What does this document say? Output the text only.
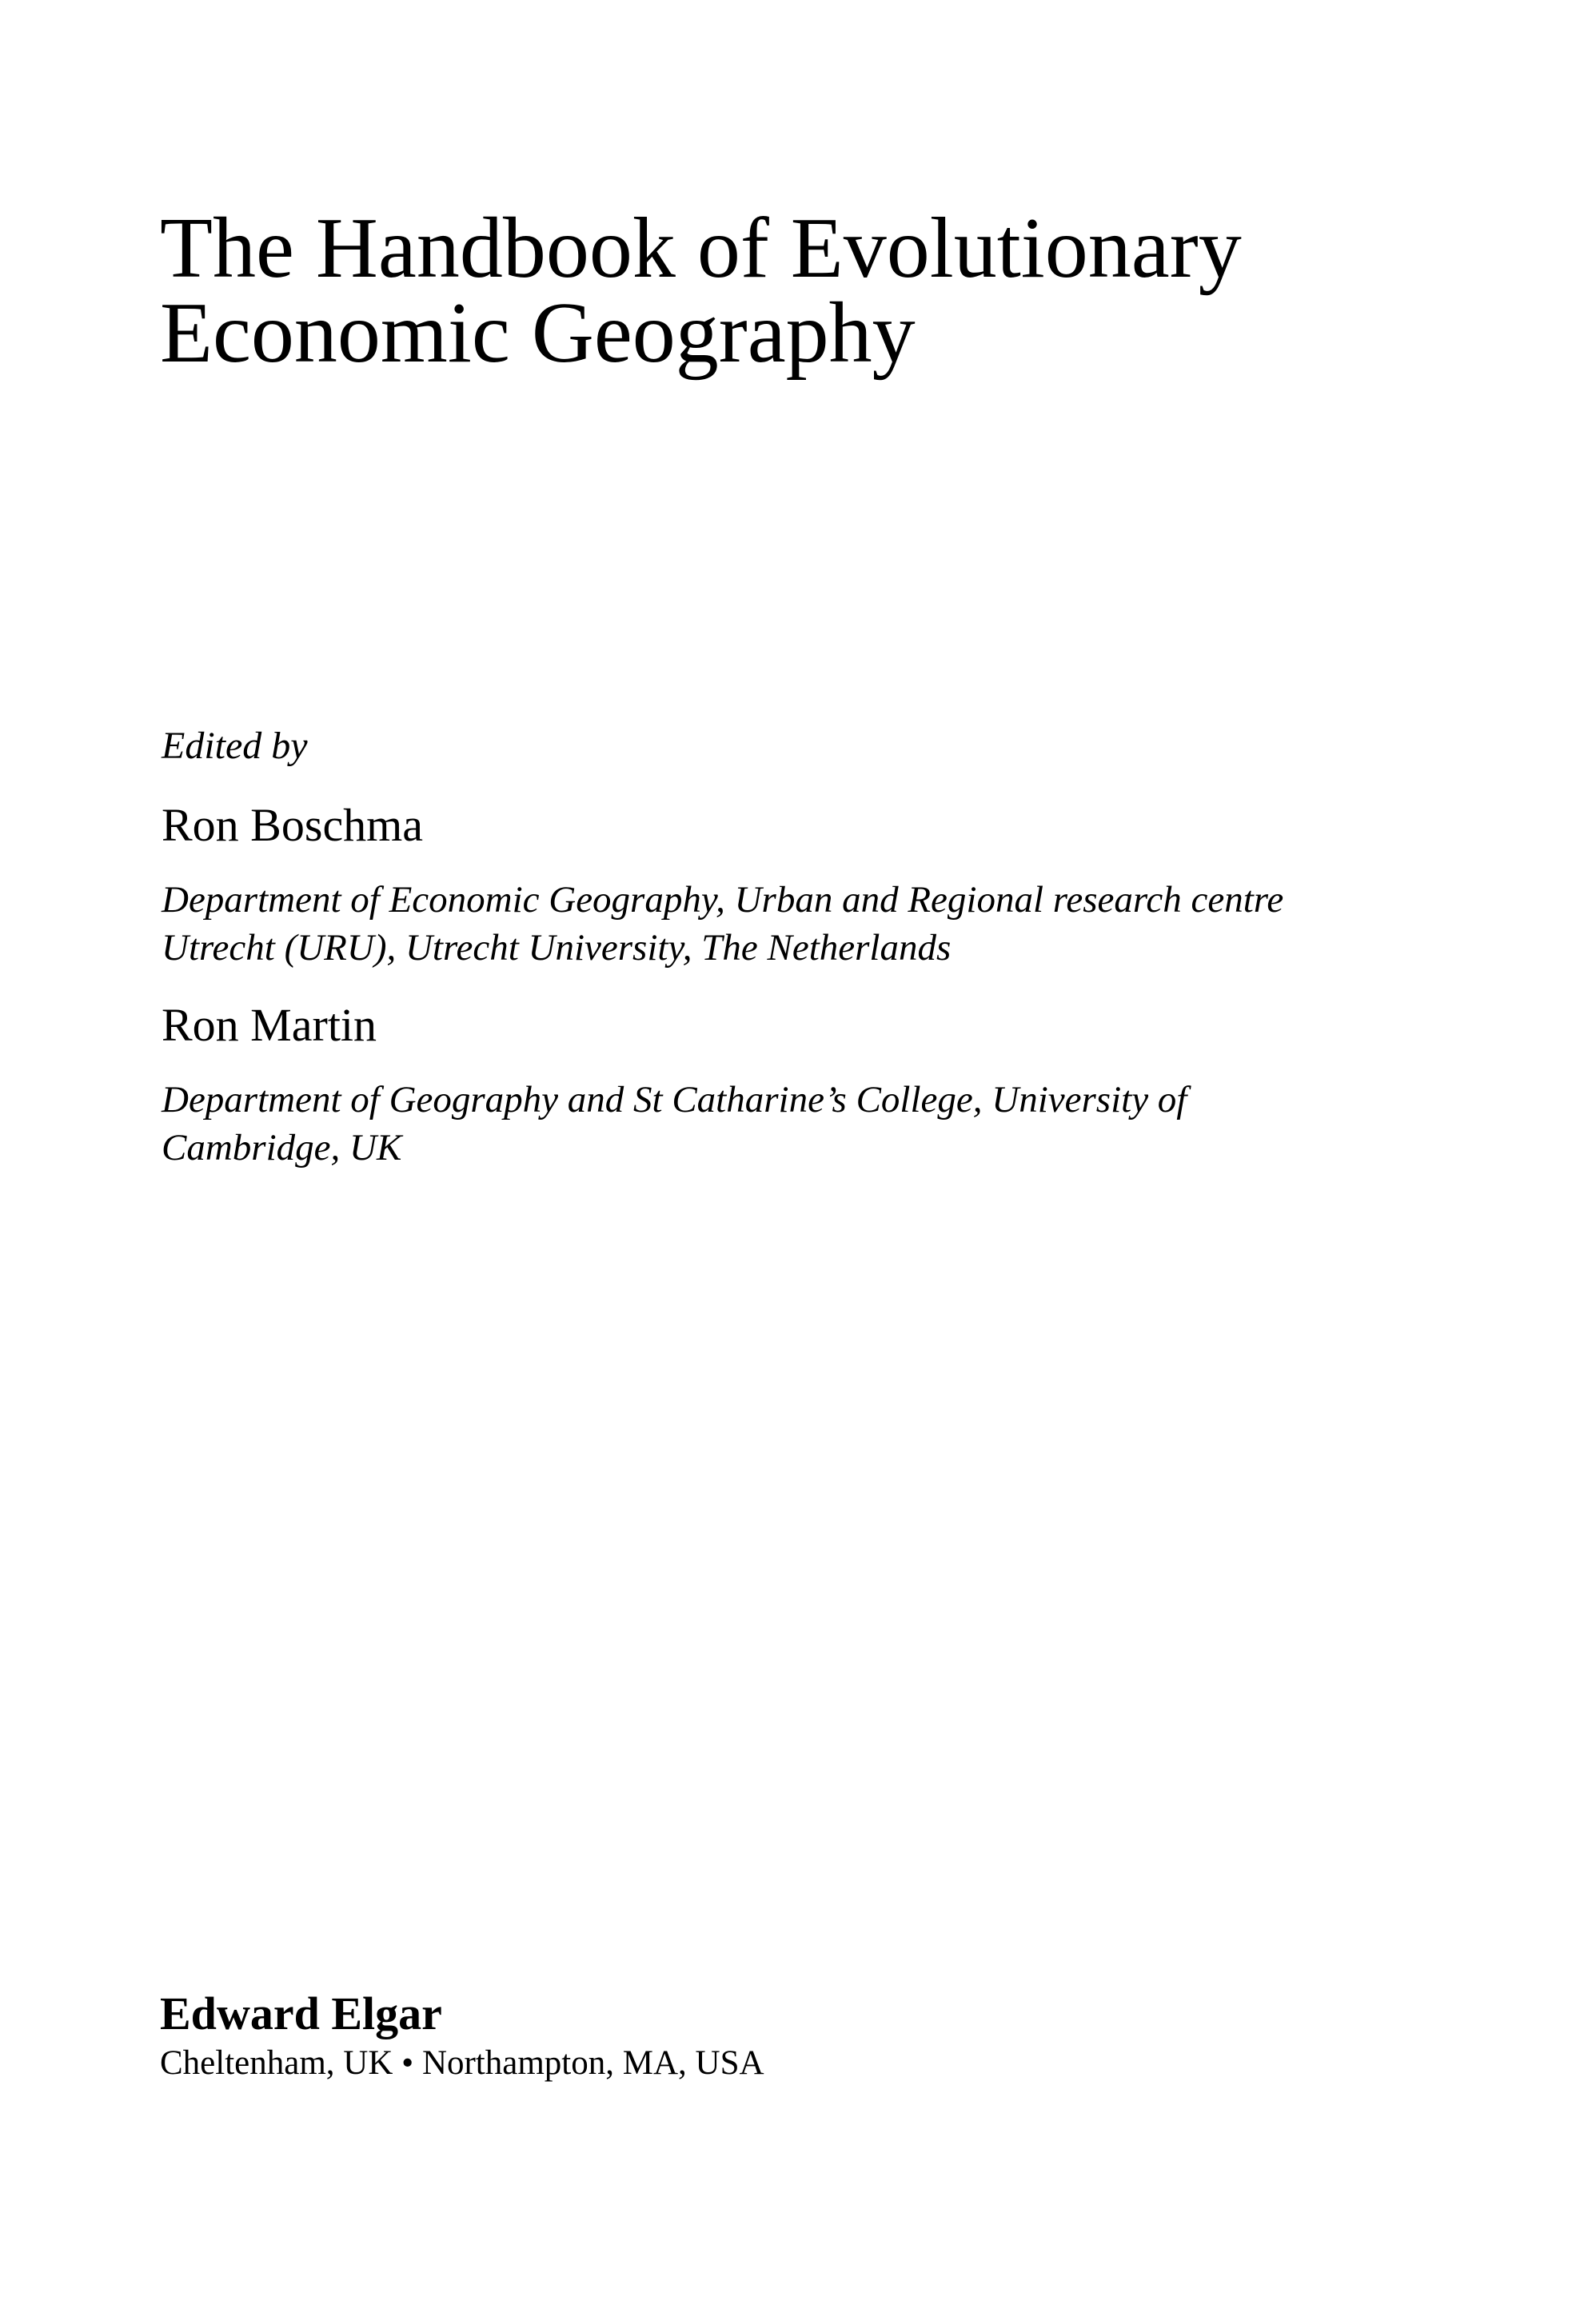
The Handbook of Evolutionary
Economic Geography
Edited by
Ron Boschma
Department of Economic Geography, Urban and Regional research centre
Utrecht (URU), Utrecht University, The Netherlands
Ron Martin
Department of Geography and St Catharine’s College, University of
Cambridge, UK
Edward Elgar
Cheltenham, UK • Northampton, MA, USA
